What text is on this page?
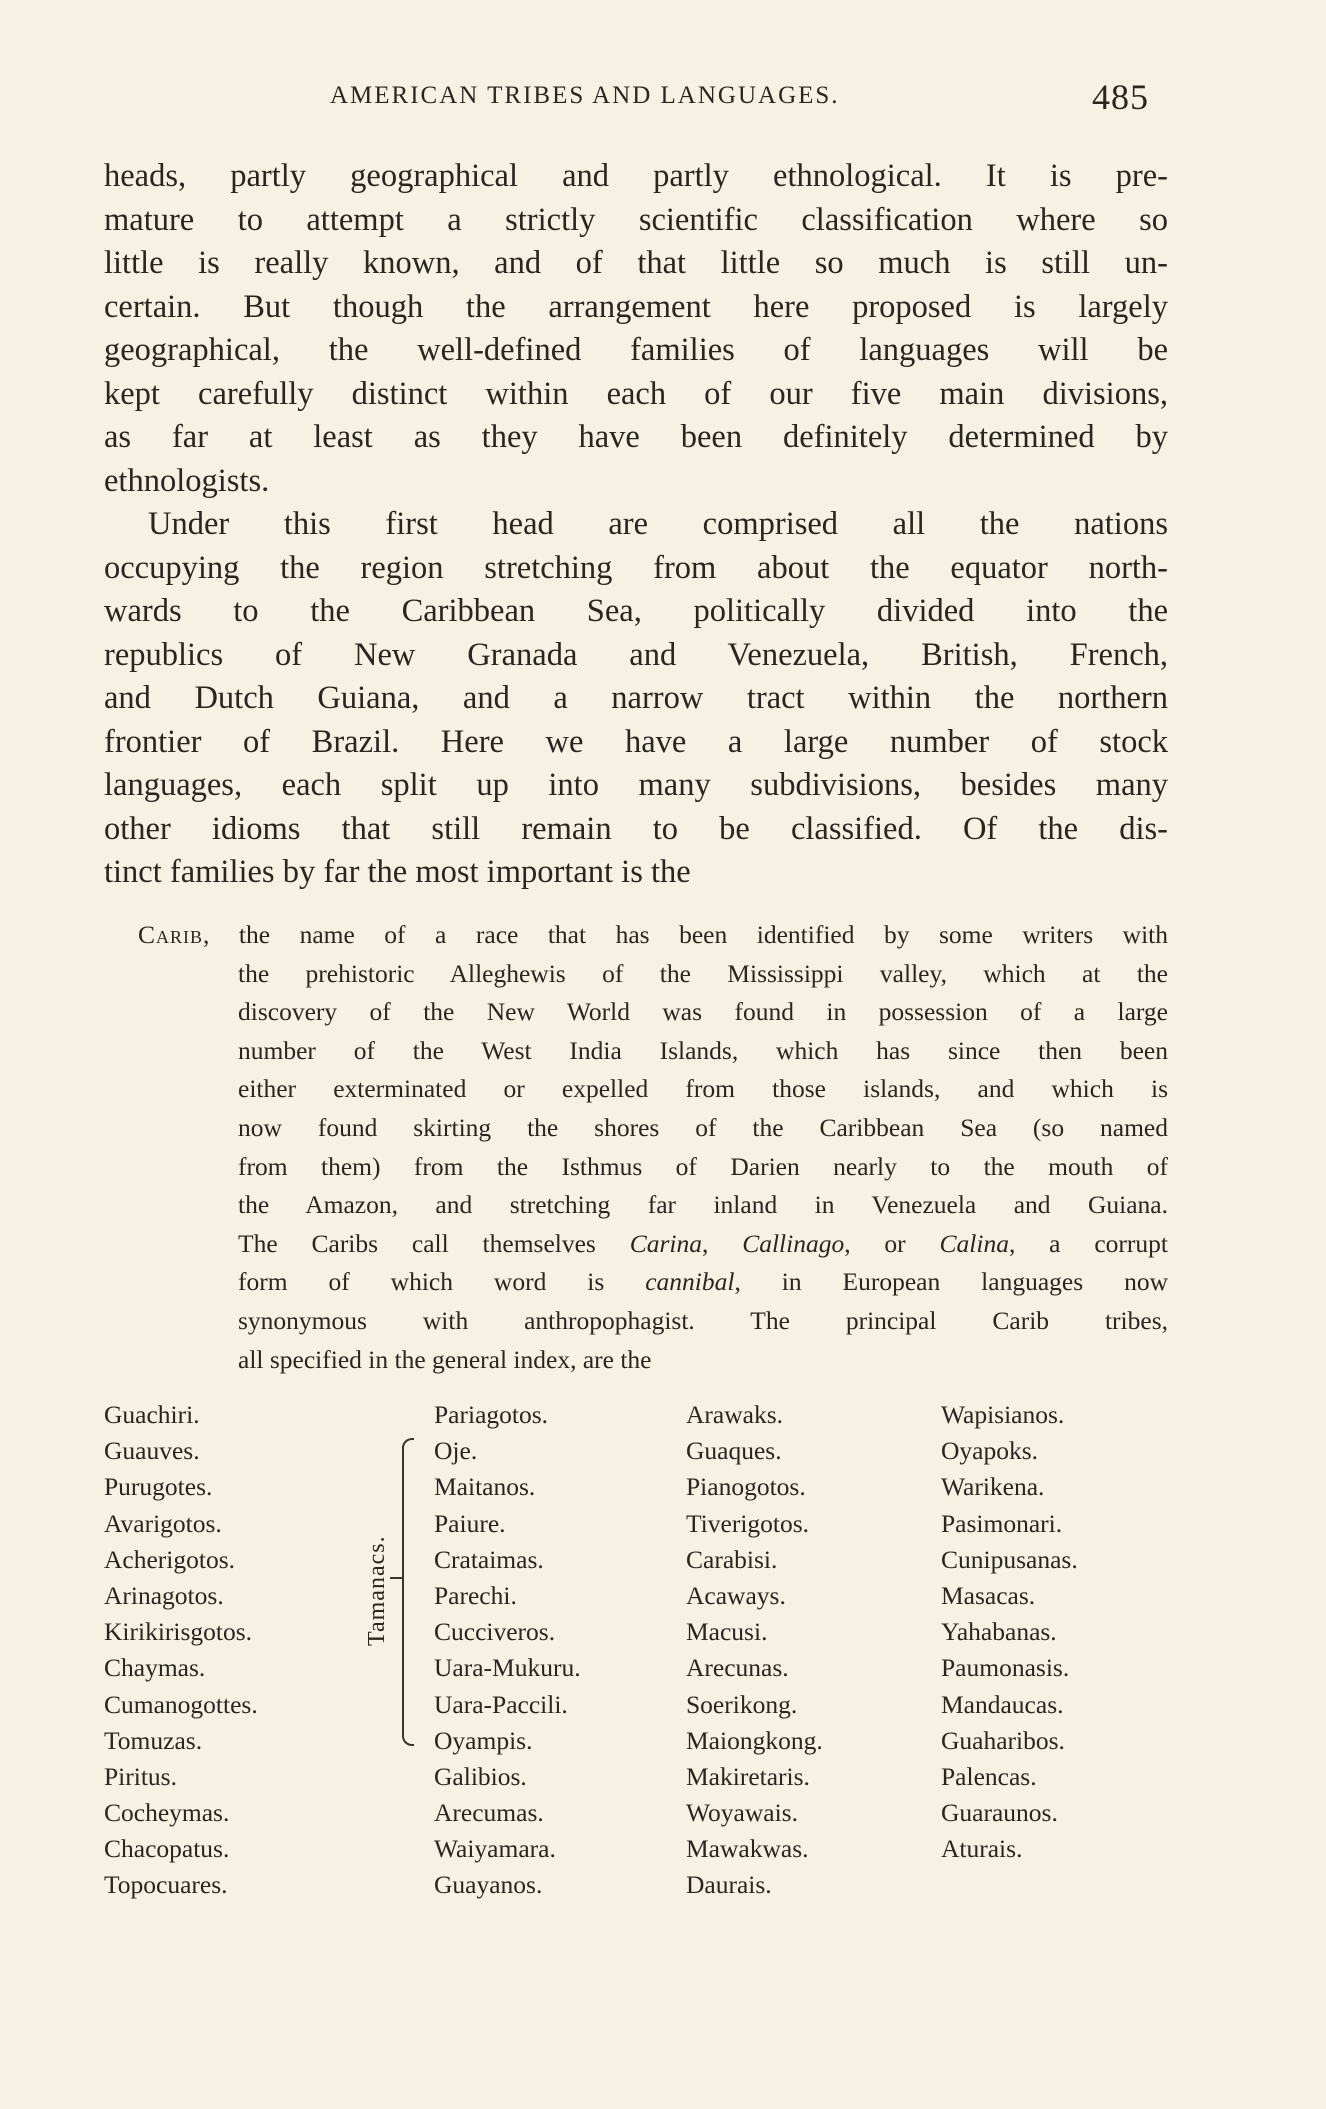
AMERICAN TRIBES AND LANGUAGES.	485
heads, partly geographical and partly ethnological. It is pre-
mature to attempt a strictly scientific classification where so
little is really known, and of that little so much is still un-
certain. But though the arrangement here proposed is largely
geographical, the well-defined families of languages will be
kept carefully distinct within each of our five main divisions,
as far at least as they have been definitely determined by
ethnologists.
Under this first head are comprised all the nations
occupying the region stretching from about the equator north-
wards to the Caribbean Sea, politically divided into the
republics of New Granada and Venezuela, British, French,
and Dutch Guiana, and a narrow tract within the northern
frontier of Brazil. Here we have a large number of stock
languages, each split up into many subdivisions, besides many
other idioms that still remain to be classified. Of the dis-
tinct families by far the most important is the
Carib, the name of a race that has been identified by some writers with
the prehistoric Alleghewis of the Mississippi valley, which at the
discovery of the New World was found in possession of a large
number of the West India Islands, which has since then been
either exterminated or expelled from those islands, and which is
now found skirting the shores of the Caribbean Sea (so named
from them) from the Isthmus of Darien nearly to the mouth of
the Amazon, and stretching far inland in Venezuela and Guiana.
The Caribs call themselves Carina, Callinago, or Calina, a corrupt
form of which word is cannibal, in European languages now
synonymous with anthropophagist. The principal Carib tribes,
all specified in the general index, are the
Guachiri.
Guauves.
Purugotes.
Avarigotos.
Acherigotos.
Arinagotos.
Kirikirisgotos.
Chaymas.
Cumanogottes.
Tomuzas.
Piritus.
Cocheymas.
Chacopatus.
Topocuares.
Tamanacs.
Pariagotos.
Oje.
Maitanos.
Paiure.
Crataimas.
Parechi.
Cucciveros.
Uara-Mukuru.
Uara-Paccili.
Oyampis.
Galibios.
Arecumas.
Waiyamara.
Guayanos.
Arawaks.
Guaques.
Pianogotos.
Tiverigotos.
Carabisi.
Acaways.
Macusi.
Arecunas.
Soerikong.
Maiongkong.
Makiretaris.
Woyawais.
Mawakwas.
Daurais.
Wapisianos.
Oyapoks.
Warikena.
Pasimonari.
Cunipusanas.
Masacas.
Yahabanas.
Paumonasis.
Mandaucas.
Guaharibos.
Palencas.
Guaraunos.
Aturais.
